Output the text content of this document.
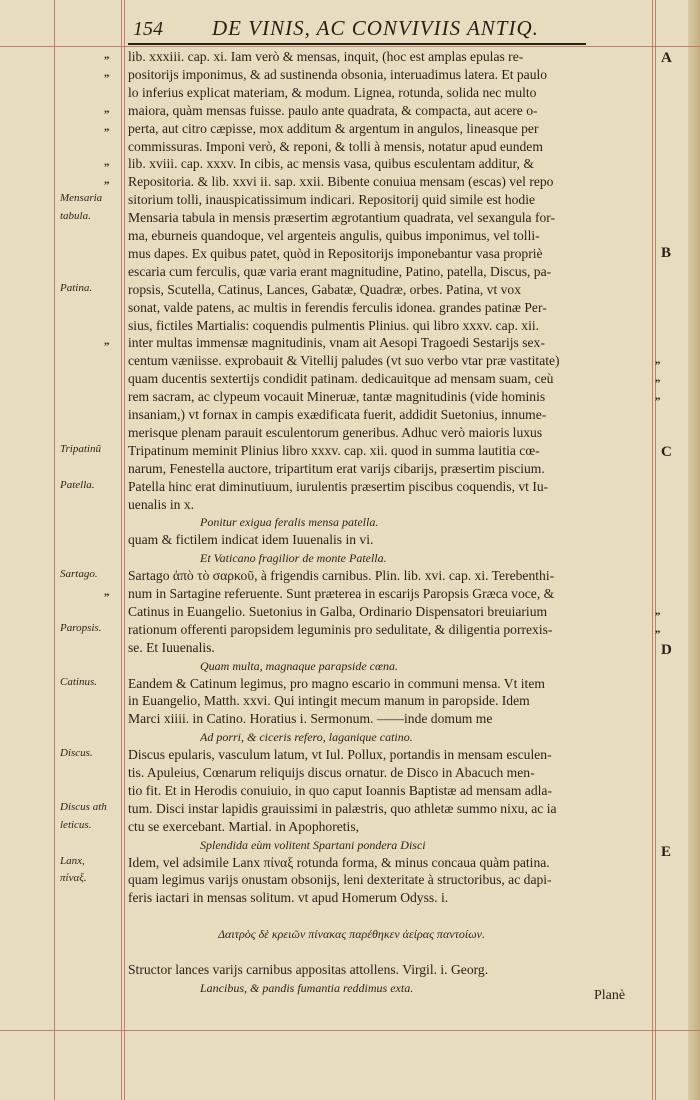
154 DE VINIS, AC CONVIVIIS ANTIQ.
„ lib. xxxiii. cap. xi. Iam verò & mensas, inquit, (hoc est amplas epulas re-
„ positorijs imponimus, & ad sustinenda obsonia, interuadimus latera. Et paulo
lo inferius explicat materiam, & modum. Lignea, rotunda, solida nec multo
„ maiora, quàm mensas fuisse. paulo ante quadrata, & compacta, aut acere o-
„ perta, aut citro cæpisse, mox additum & argentum in angulos, lineasque per
commissuras. Imponi verò, & reponi, & tolli à mensis, notatur apud eundem
„ lib. xviii. cap. xxxv. In cibis, ac mensis vasa, quibus esculentam additur, &
„ Repositoria. & lib. xxvi ii. sap. xxii. Bibente conuiua mensam (escas) vel repo
Mensaria sitorium tolli, inauspicatissimum indicari. Repositorij quid simile est hodie
tabula.	Mensaria tabula in mensis præsertim ægrotantium quadrata, vel sexangula for-
ma, eburneis quandoque, vel argenteis angulis, quibus imponimus, vel tolli-
mus dapes. Ex quibus patet, quòd in Repositorijs imponebantur vasa propriè
escaria cum ferculis, quæ varia erant magnitudine, Patino, patella, Discus, pa-
Patina.	ropsis, Scutella, Catinus, Lances, Gabatæ, Quadræ, orbes. Patina, vt vox
sonat, valde patens, ac multis in ferendis ferculis idonea. grandes patinæ Per-
sius, fictiles Martialis: coquendis pulmentis Plinius. qui libro xxxv. cap. xii.
„ inter multas immensæ magnitudinis, vnam ait Aesopi Tragoedi Sestarijs sex-
centum væniisse. exprobauit & Vitellij paludes (vt suo verbo vtar præ vastitate)	„
quam ducentis sextertijs condidit patinam. dedicauitque ad mensam suam, ceù	„
rem sacram, ac clypeum vocauit Mineruæ, tantæ magnitudinis (vide hominis	„
insaniam,) vt fornax in campis exædificata fuerit, addidit Suetonius, innume-
merisque plenam parauit esculentorum generibus. Adhuc verò maioris luxus
Tripatinũ Tripatinum meminit Plinius libro xxxv. cap. xii. quod in summa lautitia cœ-
narum, Fenestella auctore, tripartitum erat varijs cibarijs, præsertim piscium.
Patella. Patella hinc erat diminutiuum, iurulentis præsertim piscibus coquendis, vt Iu-
uenalis in x.
Ponitur exigua feralis mensa patella.
quam & fictilem indicat idem Iuuenalis in vi.
Et Vaticano fragilior de monte Patella.
Sartago. Sartago ἀπὸ τὸ σαρκοῦ, à frigendis carnibus. Plin. lib. xvi. cap. xi. Terebenthi-
„ num in Sartagine referuente. Sunt præterea in escarijs Paropsis Græca voce, &
Catinus in Euangelio. Suetonius in Galba, Ordinario Dispensatori breuiarium	„
Paropsis. rationum offerenti paropsidem leguminis pro sedulitate, & diligentia porrexis-	„
se. Et Iuuenalis.
Quam multa, magnaque parapside cœna.
Catinus. Eandem & Catinum legimus, pro magno escario in communi mensa. Vt item
in Euangelio, Matth. xxvi. Qui intingit mecum manum in paropside. Idem
Marci xiiii. in Catino. Horatius i. Sermonum. ——inde domum me
Ad porri, & ciceris refero, laganique catino.
Discus.	Discus epularis, vasculum latum, vt Iul. Pollux, portandis in mensam esculen-
tis. Apuleius, Cœnarum reliquijs discus ornatur. de Disco in Abacuch men-
tio fit. Et in Herodis conuiuio, in quo caput Ioannis Baptistæ ad mensam adla-
Discus ath tum. Disci instar lapidis grauissimi in palæstris, quo athletæ summo nixu, ac ia
leticus.	ctu se exercebant. Martial. in Apophoretis,
Splendida eùm volitent Spartani pondera Disci
Lanx,	Idem, vel adsimile Lanx πίναξ rotunda forma, & minus concaua quàm patina.
πίναξ.	quam legimus varijs onustam obsonijs, leni dexteritate à structoribus, ac dapi-
feris iactari in mensas solitum. vt apud Homerum Odyss. i.
Δαιτρὸς δὲ κρειῶν πίνακας παρέθηκεν ἀείρας παντοίων.
Structor lances varijs carnibus appositas attollens. Virgil. i. Georg.
Lancibus, & pandis fumantia reddimus exta.
A
B
C
D
E
Planè
